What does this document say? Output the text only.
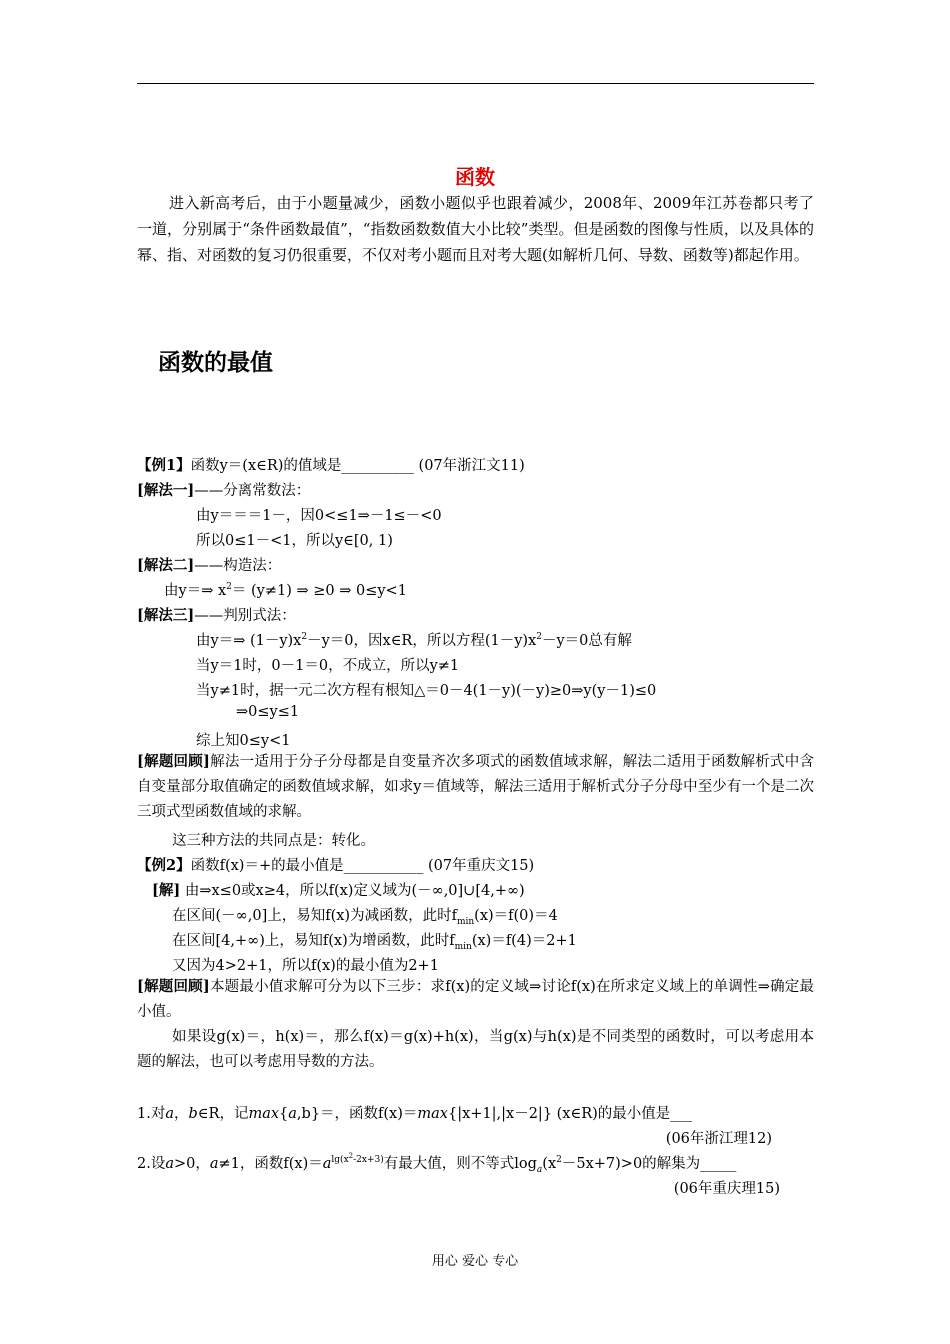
函数
进入新高考后，由于小题量减少，函数小题似乎也跟着减少，2008年、2009年江苏卷都只考了一道，分别属于“条件函数最值”，“指数函数数值大小比较”类型。但是函数的图像与性质，以及具体的幂、指、对函数的复习仍很重要，不仅对考小题而且对考大题(如解析几何、导数、函数等)都起作用。
函数的最值
【例1】函数y＝(x∈R)的值域是__________ (07年浙江文11)
[解法一]——分离常数法：
由y＝＝＝1－，因0<≤1⇒－1≤－<0
所以0≤1－<1，所以y∈[0, 1)
[解法二]——构造法：
由y＝⇒ $x^2= (y\ne 1)$ ⇒ ≥0 ⇒ 0≤y<1
[解法三]——判别式法：
由y＝⇒ $(1-y)x^2-y=0$，因x∈R，所以方程$(1-y)x^2-y=0$总有解
当y＝1时，0－1＝0，不成立，所以y≠1
当y≠1时，据一元二次方程有根知△＝0－4(1－y)(－y)≥0⇒y(y－1)≤0
⇒0≤y≤1
综上知0≤y<1
[解题回顾]解法一适用于分子分母都是自变量齐次多项式的函数值域求解，解法二适用于函数解析式中含自变量部分取值确定的函数值域求解，如求y＝值域等，解法三适用于解析式分子分母中至少有一个是二次三项式型函数值域的求解。
这三种方法的共同点是：转化。
【例2】函数f(x)＝+的最小值是___________ (07年重庆文15)
[解] 由⇒x≤0或x≥4，所以f(x)定义域为(－∞,0]∪[4,+∞)
在区间(－∞,0]上，易知f(x)为减函数，此时$f_{min}(x)=f(0)=4$
在区间[4,+∞)上，易知f(x)为增函数，此时$f_{min}(x)=f(4)=2+1$
又因为4>2+1，所以f(x)的最小值为2+1
[解题回顾]本题最小值求解可分为以下三步：求f(x)的定义域⇒讨论f(x)在所求定义域上的单调性⇒确定最小值。
如果设g(x)＝，h(x)＝，那么f(x)＝g(x)+h(x)，当g(x)与h(x)是不同类型的函数时，可以考虑用本题的解法，也可以考虑用导数的方法。
1.对a，b∈R，记max{a,b}＝，函数f(x)＝max{|x+1|,|x－2|} (x∈R)的最小值是___
(06年浙江理12)
2.设a>0，a≠1，函数$f(x)=a^{lg(x^2-2x+3)}$有最大值，则不等式$\log_a(x^2-5x+7)>0$的解集为_____
(06年重庆理15)
用心 爱心 专心
